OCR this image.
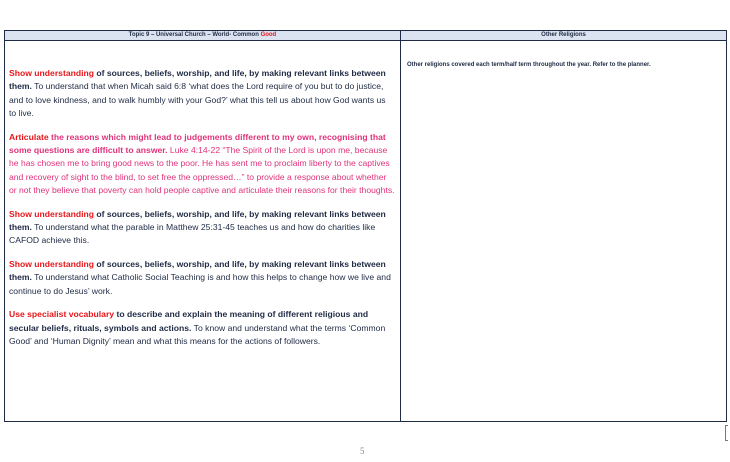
Topic 9 – Universal Church – World- Common Good	Other Religions

Show understanding of sources, beliefs, worship, and life, by making relevant links between them. To understand that when Micah said 6:8 ‘what does the Lord require of you but to do justice, and to love kindness, and to walk humbly with your God?’ what this tell us about how God wants us to live.

Articulate the reasons which might lead to judgements different to my own, recognising that some questions are difficult to answer. Luke 4:14-22 “The Spirit of the Lord is upon me, because he has chosen me to bring good news to the poor. He has sent me to proclaim liberty to the captives and recovery of sight to the blind, to set free the oppressed…” to provide a response about whether or not they believe that poverty can hold people captive and articulate their reasons for their thoughts.

Show understanding of sources, beliefs, worship, and life, by making relevant links between them. To understand what the parable in Matthew 25:31-45 teaches us and how do charities like CAFOD achieve this.

Show understanding of sources, beliefs, worship, and life, by making relevant links between them. To understand what Catholic Social Teaching is and how this helps to change how we live and continue to do Jesus’ work.

Use specialist vocabulary to describe and explain the meaning of different religious and secular beliefs, rituals, symbols and actions. To know and understand what the terms ‘Common Good’ and ‘Human Dignity’ mean and what this means for the actions of followers.	Other religions covered each term/half term throughout the year. Refer to the planner.

5
